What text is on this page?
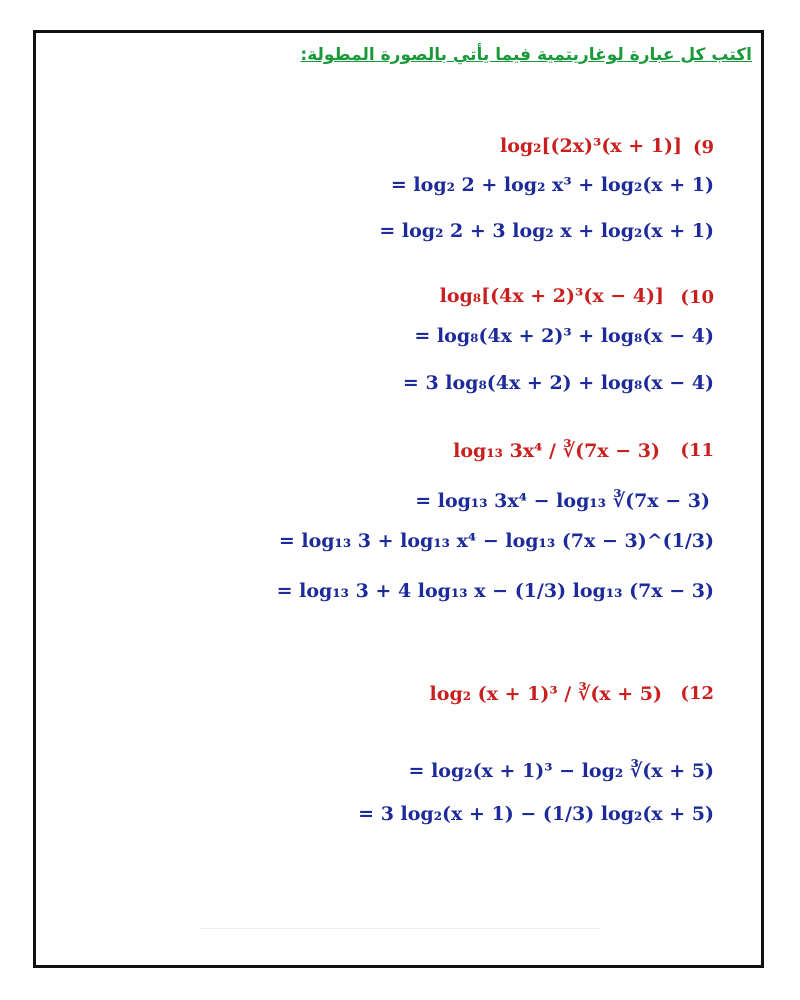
اكتب كل عبارة لوغاريتمية فيما يأتي بالصورة المطولة:
(9
log₂[(2x)³(x + 1)]
= log₂ 2 + log₂ x³ + log₂(x + 1)
= log₂ 2 + 3 log₂ x + log₂(x + 1)
(10
log₈[(4x + 2)³(x − 4)]
= log₈(4x + 2)³ + log₈(x − 4)
= 3 log₈(4x + 2) + log₈(x − 4)
(11
log₁₃ 3x⁴ / ∛(7x − 3)
= log₁₃ 3x⁴ − log₁₃ ∛(7x − 3)
= log₁₃ 3 + log₁₃ x⁴ − log₁₃ (7x − 3)^(1/3)
= log₁₃ 3 + 4 log₁₃ x − (1/3) log₁₃ (7x − 3)
(12
log₂ (x + 1)³ / ∛(x + 5)
= log₂(x + 1)³ − log₂ ∛(x + 5)
= 3 log₂(x + 1) − (1/3) log₂(x + 5)
